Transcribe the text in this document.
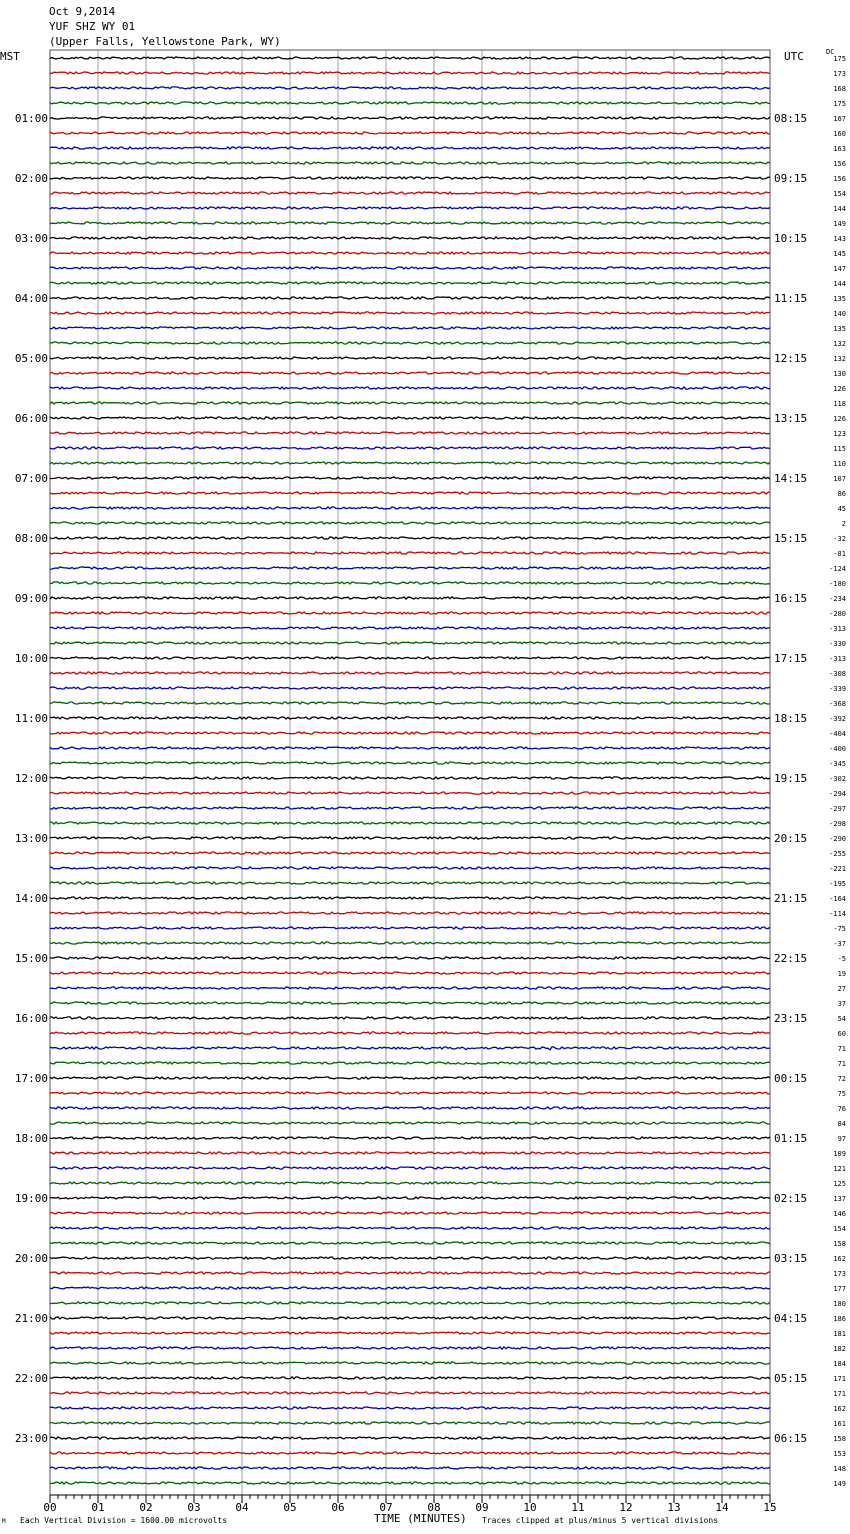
Oct 9,2014
YUF SHZ WY 01
(Upper Falls, Yellowstone Park, WY)
MST	UTC	DC
175
173
168
175
167
160
163
156
156
154
144
149
143
145
147
144
135
140
135
132
132
130
126
118
126
123
115
110
107
86
45
2
-32
-81
-124
-180
-234
-280
-313
-330
-313
-308
-339
-368
-392
-404
-400
-345
-302
-294
-297
-298
-290
-255
-221
-195
-164
-114
-75
-37
-5
19
27
37
54
60
71
71
72
75
76
84
97
109
121
125
137
146
154
158
162
173
177
180
186
181
182
184
171
171
162
161
158
153
148
149
01:00	08:15
02:00	09:15
03:00	10:15
04:00	11:15
05:00	12:15
06:00	13:15
07:00	14:15
08:00	15:15
09:00	16:15
10:00	17:15
11:00	18:15
12:00	19:15
13:00	20:15
14:00	21:15
15:00	22:15
16:00	23:15
17:00	00:15
18:00	01:15
19:00	02:15
20:00	03:15
21:00	04:15
22:00	05:15
23:00	06:15
00	01	02	03	04	05	06	07	08	09	10	11	12	13	14	15
TIME (MINUTES)
M Each Vertical Division = 1600.00 microvolts	Traces clipped at plus/minus 5 vertical divisions
